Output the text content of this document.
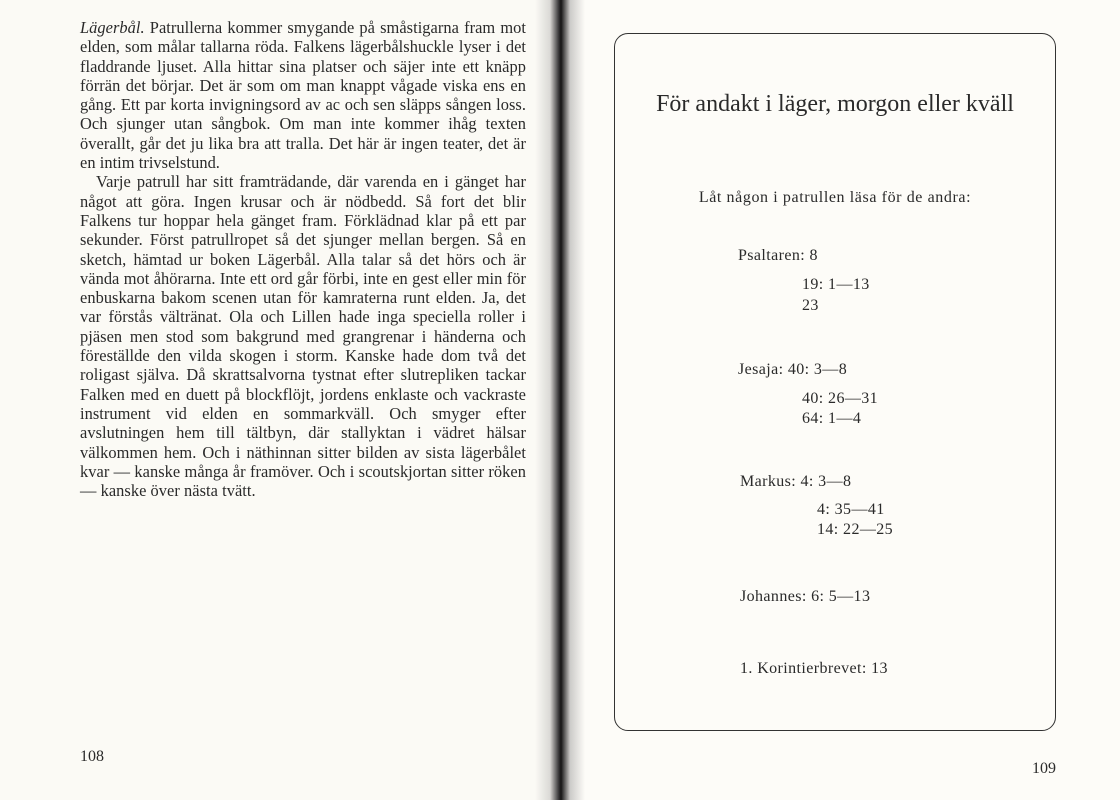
Lägerbål. Patrullerna kommer smygande på småstigarna fram mot elden, som målar tallarna röda. Falkens lägerbålshuckle lyser i det fladdrande ljuset. Alla hittar sina platser och säjer inte ett knäpp förrän det börjar. Det är som om man knappt vågade viska ens en gång. Ett par korta invigningsord av ac och sen släpps sången loss. Och sjunger utan sångbok. Om man inte kommer ihåg texten överallt, går det ju lika bra att tralla. Det här är ingen teater, det är en intim trivselstund.

Varje patrull har sitt framträdande, där varenda en i gänget har något att göra. Ingen krusar och är nödbedd. Så fort det blir Falkens tur hoppar hela gänget fram. Förklädnad klar på ett par sekunder. Först patrullropet så det sjunger mellan bergen. Så en sketch, hämtad ur boken Lägerbål. Alla talar så det hörs och är vända mot åhörarna. Inte ett ord går förbi, inte en gest eller min för enbuskarna bakom scenen utan för kamraterna runt elden. Ja, det var förstås vältränat. Ola och Lillen hade inga speciella roller i pjäsen men stod som bakgrund med grangrenar i händerna och föreställde den vilda skogen i storm. Kanske hade dom två det roligast själva. Då skrattsalvorna tystnat efter slutrepliken tackar Falken med en duett på blockflöjt, jordens enklaste och vackraste instrument vid elden en sommarkväll. Och smyger efter avslutningen hem till tältbyn, där stallyktan i vädret hälsar välkommen hem. Och i näthinnan sitter bilden av sista lägerbålet kvar — kanske många år framöver. Och i scoutskjortan sitter röken — kanske över nästa tvätt.

108
109
För andakt i läger, morgon eller kväll
Låt någon i patrullen läsa för de andra:
Psaltaren: 8
19: 1—13
23
Jesaja: 40: 3—8
40: 26—31
64: 1—4
Markus: 4: 3—8
4: 35—41
14: 22—25
Johannes: 6: 5—13
1. Korintierbrevet: 13
